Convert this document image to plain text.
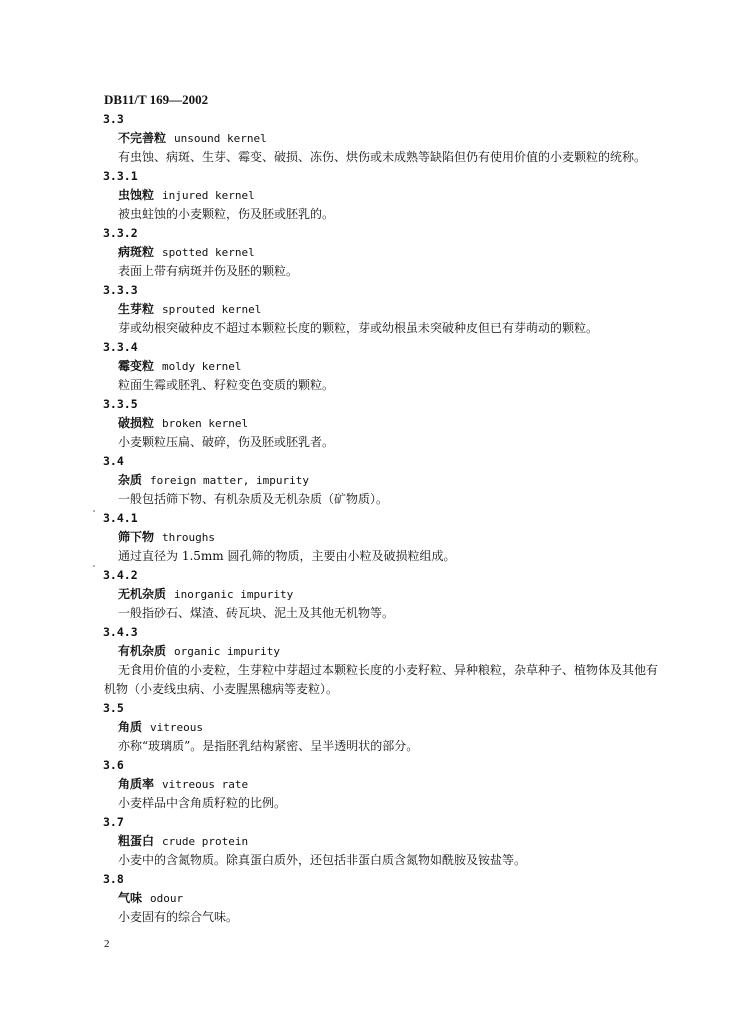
DB11/T 169—2002
3.3
不完善粒 unsound kernel
有虫蚀、病斑、生芽、霉变、破损、冻伤、烘伤或未成熟等缺陷但仍有使用价值的小麦颗粒的统称。
3.3.1
虫蚀粒 injured kernel
被虫蛀蚀的小麦颗粒，伤及胚或胚乳的。
3.3.2
病斑粒 spotted kernel
表面上带有病斑并伤及胚的颗粒。
3.3.3
生芽粒 sprouted kernel
芽或幼根突破种皮不超过本颗粒长度的颗粒，芽或幼根虽未突破种皮但已有芽萌动的颗粒。
3.3.4
霉变粒 moldy kernel
粒面生霉或胚乳、籽粒变色变质的颗粒。
3.3.5
破损粒 broken kernel
小麦颗粒压扁、破碎，伤及胚或胚乳者。
3.4
杂质 foreign matter, impurity
一般包括筛下物、有机杂质及无机杂质（矿物质）。
3.4.1
筛下物 throughs
通过直径为 1.5mm 圆孔筛的物质，主要由小粒及破损粒组成。
3.4.2
无机杂质 inorganic impurity
一般指砂石、煤渣、砖瓦块、泥土及其他无机物等。
3.4.3
有机杂质 organic impurity
无食用价值的小麦粒，生芽粒中芽超过本颗粒长度的小麦籽粒、异种粮粒，杂草种子、植物体及其他有机物（小麦线虫病、小麦腥黑穗病等麦粒）。
3.5
角质 vitreous
亦称“玻璃质”。是指胚乳结构紧密、呈半透明状的部分。
3.6
角质率 vitreous rate
小麦样品中含角质籽粒的比例。
3.7
粗蛋白 crude protein
小麦中的含氮物质。除真蛋白质外，还包括非蛋白质含氮物如酰胺及铵盐等。
3.8
气味 odour
小麦固有的综合气味。
2
